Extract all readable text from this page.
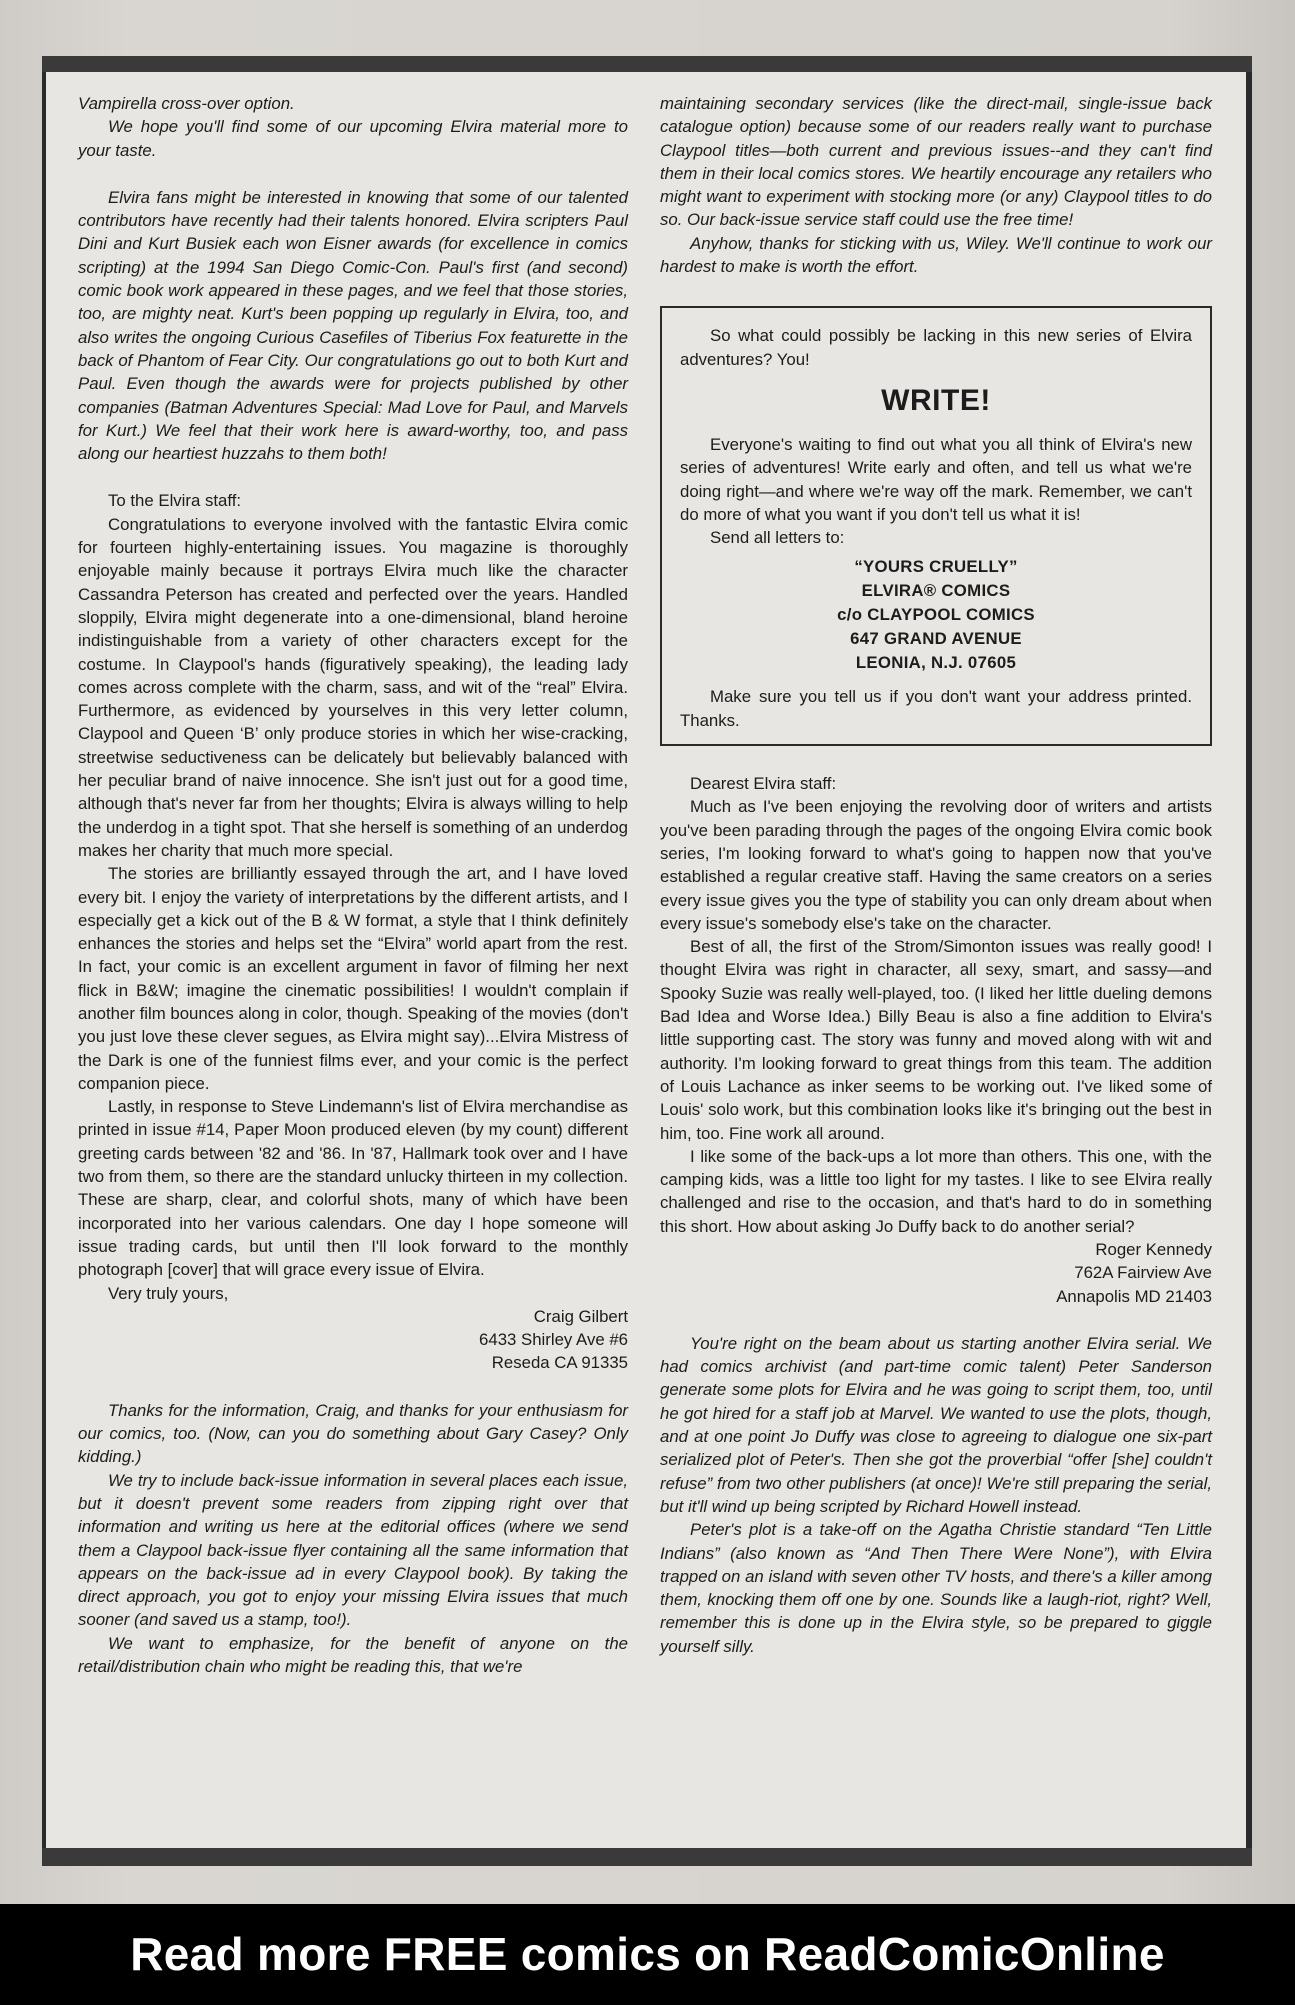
Vampirella cross-over option.

We hope you'll find some of our upcoming Elvira material more to your taste.

Elvira fans might be interested in knowing that some of our talented contributors have recently had their talents honored. Elvira scripters Paul Dini and Kurt Busiek each won Eisner awards (for excellence in comics scripting) at the 1994 San Diego Comic-Con. Paul's first (and second) comic book work appeared in these pages, and we feel that those stories, too, are mighty neat. Kurt's been popping up regularly in Elvira, too, and also writes the ongoing Curious Casefiles of Tiberius Fox featurette in the back of Phantom of Fear City. Our congratulations go out to both Kurt and Paul. Even though the awards were for projects published by other companies (Batman Adventures Special: Mad Love for Paul, and Marvels for Kurt.) We feel that their work here is award-worthy, too, and pass along our heartiest huzzahs to them both!

To the Elvira staff:

Congratulations to everyone involved with the fantastic Elvira comic for fourteen highly-entertaining issues. You magazine is thoroughly enjoyable mainly because it portrays Elvira much like the character Cassandra Peterson has created and perfected over the years. Handled sloppily, Elvira might degenerate into a one-dimensional, bland heroine indistinguishable from a variety of other characters except for the costume. In Claypool's hands (figuratively speaking), the leading lady comes across complete with the charm, sass, and wit of the “real” Elvira. Furthermore, as evidenced by yourselves in this very letter column, Claypool and Queen ‘B’ only produce stories in which her wise-cracking, streetwise seductiveness can be delicately but believably balanced with her peculiar brand of naive innocence. She isn't just out for a good time, although that's never far from her thoughts; Elvira is always willing to help the underdog in a tight spot. That she herself is something of an underdog makes her charity that much more special.

The stories are brilliantly essayed through the art, and I have loved every bit. I enjoy the variety of interpretations by the different artists, and I especially get a kick out of the B & W format, a style that I think definitely enhances the stories and helps set the “Elvira” world apart from the rest. In fact, your comic is an excellent argument in favor of filming her next flick in B&W; imagine the cinematic possibilities! I wouldn't complain if another film bounces along in color, though. Speaking of the movies (don't you just love these clever segues, as Elvira might say)...Elvira Mistress of the Dark is one of the funniest films ever, and your comic is the perfect companion piece.

Lastly, in response to Steve Lindemann's list of Elvira merchandise as printed in issue #14, Paper Moon produced eleven (by my count) different greeting cards between '82 and '86. In '87, Hallmark took over and I have two from them, so there are the standard unlucky thirteen in my collection. These are sharp, clear, and colorful shots, many of which have been incorporated into her various calendars. One day I hope someone will issue trading cards, but until then I'll look forward to the monthly photograph [cover] that will grace every issue of Elvira.

Very truly yours,

Craig Gilbert

6433 Shirley Ave #6

Reseda CA 91335

Thanks for the information, Craig, and thanks for your enthusiasm for our comics, too. (Now, can you do something about Gary Casey? Only kidding.)

We try to include back-issue information in several places each issue, but it doesn't prevent some readers from zipping right over that information and writing us here at the editorial offices (where we send them a Claypool back-issue flyer containing all the same information that appears on the back-issue ad in every Claypool book). By taking the direct approach, you got to enjoy your missing Elvira issues that much sooner (and saved us a stamp, too!).

We want to emphasize, for the benefit of anyone on the retail/distribution chain who might be reading this, that we're

maintaining secondary services (like the direct-mail, single-issue back catalogue option) because some of our readers really want to purchase Claypool titles—both current and previous issues--and they can't find them in their local comics stores. We heartily encourage any retailers who might want to experiment with stocking more (or any) Claypool titles to do so. Our back-issue service staff could use the free time!

Anyhow, thanks for sticking with us, Wiley. We'll continue to work our hardest to make is worth the effort.

So what could possibly be lacking in this new series of Elvira adventures? You!

WRITE!

Everyone's waiting to find out what you all think of Elvira's new series of adventures! Write early and often, and tell us what we're doing right—and where we're way off the mark. Remember, we can't do more of what you want if you don't tell us what it is!

Send all letters to:

“YOURS CRUELLY”
ELVIRA® COMICS
c/o CLAYPOOL COMICS
647 GRAND AVENUE
LEONIA, N.J. 07605

Make sure you tell us if you don't want your address printed. Thanks.

Dearest Elvira staff:

Much as I've been enjoying the revolving door of writers and artists you've been parading through the pages of the ongoing Elvira comic book series, I'm looking forward to what's going to happen now that you've established a regular creative staff. Having the same creators on a series every issue gives you the type of stability you can only dream about when every issue's somebody else's take on the character.

Best of all, the first of the Strom/Simonton issues was really good! I thought Elvira was right in character, all sexy, smart, and sassy—and Spooky Suzie was really well-played, too. (I liked her little dueling demons Bad Idea and Worse Idea.) Billy Beau is also a fine addition to Elvira's little supporting cast. The story was funny and moved along with wit and authority. I'm looking forward to great things from this team. The addition of Louis Lachance as inker seems to be working out. I've liked some of Louis' solo work, but this combination looks like it's bringing out the best in him, too. Fine work all around.

I like some of the back-ups a lot more than others. This one, with the camping kids, was a little too light for my tastes. I like to see Elvira really challenged and rise to the occasion, and that's hard to do in something this short. How about asking Jo Duffy back to do another serial?

Roger Kennedy

762A Fairview Ave

Annapolis MD 21403

You're right on the beam about us starting another Elvira serial. We had comics archivist (and part-time comic talent) Peter Sanderson generate some plots for Elvira and he was going to script them, too, until he got hired for a staff job at Marvel. We wanted to use the plots, though, and at one point Jo Duffy was close to agreeing to dialogue one six-part serialized plot of Peter's. Then she got the proverbial “offer [she] couldn't refuse” from two other publishers (at once)! We're still preparing the serial, but it'll wind up being scripted by Richard Howell instead.

Peter's plot is a take-off on the Agatha Christie standard “Ten Little Indians” (also known as “And Then There Were None”), with Elvira trapped on an island with seven other TV hosts, and there's a killer among them, knocking them off one by one. Sounds like a laugh-riot, right? Well, remember this is done up in the Elvira style, so be prepared to giggle yourself silly.

Read more FREE comics on ReadComicOnline
